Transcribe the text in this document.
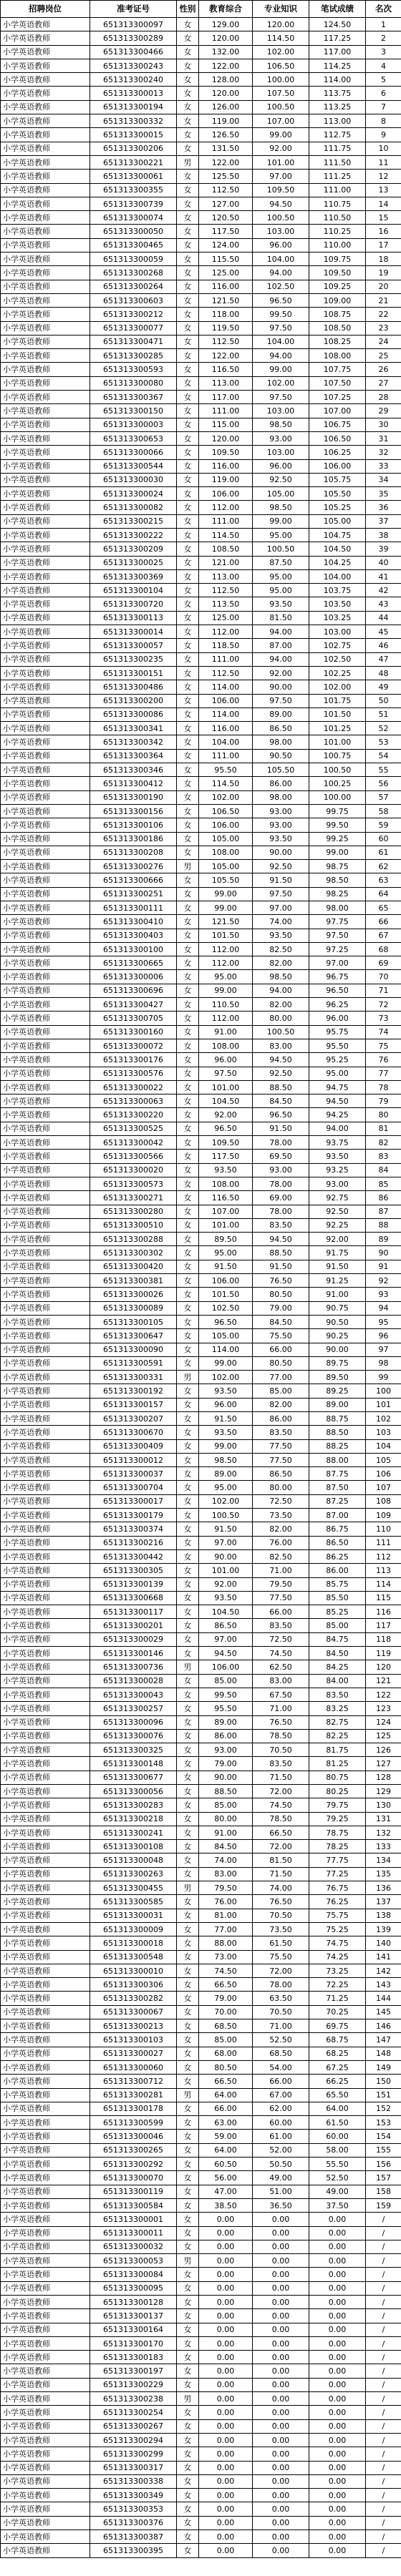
招聘岗位	准考证号	性别	教育综合	专业知识	笔试成绩	名次
小学英语教师	651313300097	女	129.00	120.00	124.50	1
小学英语教师	651313300289	女	120.00	114.50	117.25	2
小学英语教师	651313300466	女	132.00	102.00	117.00	3
小学英语教师	651313300243	女	122.00	106.50	114.25	4
小学英语教师	651313300240	女	128.00	100.00	114.00	5
小学英语教师	651313300013	女	120.00	107.50	113.75	6
小学英语教师	651313300194	女	126.00	100.50	113.25	7
小学英语教师	651313300332	女	119.00	107.00	113.00	8
小学英语教师	651313300015	女	126.50	99.00	112.75	9
小学英语教师	651313300206	女	131.50	92.00	111.75	10
小学英语教师	651313300221	男	122.00	101.00	111.50	11
小学英语教师	651313300061	女	125.50	97.00	111.25	12
小学英语教师	651313300355	女	112.50	109.50	111.00	13
小学英语教师	651313300739	女	127.00	94.50	110.75	14
小学英语教师	651313300074	女	120.50	100.50	110.50	15
小学英语教师	651313300050	女	117.50	103.00	110.25	16
小学英语教师	651313300465	女	124.00	96.00	110.00	17
小学英语教师	651313300059	女	115.50	104.00	109.75	18
小学英语教师	651313300268	女	125.00	94.00	109.50	19
小学英语教师	651313300264	女	116.00	102.50	109.25	20
小学英语教师	651313300603	女	121.50	96.50	109.00	21
小学英语教师	651313300212	女	118.00	99.50	108.75	22
小学英语教师	651313300077	女	119.50	97.50	108.50	23
小学英语教师	651313300471	女	112.50	104.00	108.25	24
小学英语教师	651313300285	女	122.00	94.00	108.00	25
小学英语教师	651313300593	女	116.50	99.00	107.75	26
小学英语教师	651313300080	女	113.00	102.00	107.50	27
小学英语教师	651313300367	女	117.00	97.50	107.25	28
小学英语教师	651313300150	女	111.00	103.00	107.00	29
小学英语教师	651313300003	女	115.00	98.50	106.75	30
小学英语教师	651313300653	女	120.00	93.00	106.50	31
小学英语教师	651313300066	女	109.50	103.00	106.25	32
小学英语教师	651313300544	女	116.00	96.00	106.00	33
小学英语教师	651313300030	女	119.00	92.50	105.75	34
小学英语教师	651313300024	女	106.00	105.00	105.50	35
小学英语教师	651313300082	女	112.00	98.50	105.25	36
小学英语教师	651313300215	女	111.00	99.00	105.00	37
小学英语教师	651313300222	女	114.50	95.00	104.75	38
小学英语教师	651313300209	女	108.50	100.50	104.50	39
小学英语教师	651313300025	女	121.00	87.50	104.25	40
小学英语教师	651313300369	女	113.00	95.00	104.00	41
小学英语教师	651313300104	女	112.50	95.00	103.75	42
小学英语教师	651313300720	女	113.50	93.50	103.50	43
小学英语教师	651313300113	女	125.00	81.50	103.25	44
小学英语教师	651313300014	女	112.00	94.00	103.00	45
小学英语教师	651313300057	女	118.50	87.00	102.75	46
小学英语教师	651313300235	女	111.00	94.00	102.50	47
小学英语教师	651313300151	女	112.50	92.00	102.25	48
小学英语教师	651313300486	女	114.00	90.00	102.00	49
小学英语教师	651313300200	女	106.00	97.50	101.75	50
小学英语教师	651313300086	女	114.00	89.00	101.50	51
小学英语教师	651313300341	女	116.00	86.50	101.25	52
小学英语教师	651313300342	女	104.00	98.00	101.00	53
小学英语教师	651313300364	女	111.00	90.50	100.75	54
小学英语教师	651313300346	女	95.50	105.50	100.50	55
小学英语教师	651313300412	女	114.50	86.00	100.25	56
小学英语教师	651313300190	女	102.00	98.00	100.00	57
小学英语教师	651313300156	女	106.50	93.00	99.75	58
小学英语教师	651313300106	女	106.00	93.00	99.50	59
小学英语教师	651313300186	女	105.00	93.50	99.25	60
小学英语教师	651313300208	女	108.00	90.00	99.00	61
小学英语教师	651313300276	男	105.00	92.50	98.75	62
小学英语教师	651313300666	女	105.50	91.50	98.50	63
小学英语教师	651313300251	女	99.00	97.50	98.25	64
小学英语教师	651313300111	女	99.00	97.00	98.00	65
小学英语教师	651313300410	女	121.50	74.00	97.75	66
小学英语教师	651313300403	女	101.50	93.50	97.50	67
小学英语教师	651313300100	女	112.00	82.50	97.25	68
小学英语教师	651313300665	女	112.00	82.00	97.00	69
小学英语教师	651313300006	女	95.00	98.50	96.75	70
小学英语教师	651313300696	女	99.00	94.00	96.50	71
小学英语教师	651313300427	女	110.50	82.00	96.25	72
小学英语教师	651313300705	女	112.00	80.00	96.00	73
小学英语教师	651313300160	女	91.00	100.50	95.75	74
小学英语教师	651313300072	女	108.00	83.00	95.50	75
小学英语教师	651313300176	女	96.00	94.50	95.25	76
小学英语教师	651313300576	女	97.50	92.50	95.00	77
小学英语教师	651313300022	女	101.00	88.50	94.75	78
小学英语教师	651313300063	女	104.50	84.50	94.50	79
小学英语教师	651313300220	女	92.00	96.50	94.25	80
小学英语教师	651313300525	女	96.50	91.50	94.00	81
小学英语教师	651313300042	女	109.50	78.00	93.75	82
小学英语教师	651313300566	女	117.50	69.50	93.50	83
小学英语教师	651313300020	女	93.50	93.00	93.25	84
小学英语教师	651313300573	女	108.00	78.00	93.00	85
小学英语教师	651313300271	女	116.50	69.00	92.75	86
小学英语教师	651313300280	女	107.00	78.00	92.50	87
小学英语教师	651313300510	女	101.00	83.50	92.25	88
小学英语教师	651313300288	女	89.50	94.50	92.00	89
小学英语教师	651313300302	女	95.00	88.50	91.75	90
小学英语教师	651313300420	女	91.50	91.50	91.50	91
小学英语教师	651313300381	女	106.00	76.50	91.25	92
小学英语教师	651313300026	女	101.50	80.50	91.00	93
小学英语教师	651313300089	女	102.50	79.00	90.75	94
小学英语教师	651313300105	女	96.50	84.50	90.50	95
小学英语教师	651313300647	女	105.00	75.50	90.25	96
小学英语教师	651313300090	女	114.00	66.00	90.00	97
小学英语教师	651313300591	女	99.00	80.50	89.75	98
小学英语教师	651313300331	男	102.00	77.00	89.50	99
小学英语教师	651313300192	女	93.50	85.00	89.25	100
小学英语教师	651313300157	女	96.00	82.00	89.00	101
小学英语教师	651313300207	女	91.50	86.00	88.75	102
小学英语教师	651313300670	女	93.50	83.50	88.50	103
小学英语教师	651313300409	女	99.00	77.50	88.25	104
小学英语教师	651313300012	女	98.50	77.50	88.00	105
小学英语教师	651313300037	女	89.00	86.50	87.75	106
小学英语教师	651313300704	女	95.00	80.00	87.50	107
小学英语教师	651313300017	女	102.00	72.50	87.25	108
小学英语教师	651313300179	女	100.50	73.50	87.00	109
小学英语教师	651313300374	女	91.50	82.00	86.75	110
小学英语教师	651313300216	女	97.00	76.00	86.50	111
小学英语教师	651313300442	女	90.00	82.50	86.25	112
小学英语教师	651313300305	女	101.00	71.00	86.00	113
小学英语教师	651313300139	女	92.00	79.50	85.75	114
小学英语教师	651313300668	女	93.50	77.50	85.50	115
小学英语教师	651313300117	女	104.50	66.00	85.25	116
小学英语教师	651313300201	女	86.50	83.50	85.00	117
小学英语教师	651313300029	女	97.00	72.50	84.75	118
小学英语教师	651313300146	女	94.50	74.50	84.50	119
小学英语教师	651313300736	男	106.00	62.50	84.25	120
小学英语教师	651313300028	女	85.00	83.00	84.00	121
小学英语教师	651313300043	女	99.50	67.50	83.50	122
小学英语教师	651313300257	女	95.50	71.00	83.25	123
小学英语教师	651313300096	女	89.00	76.50	82.75	124
小学英语教师	651313300076	女	86.00	78.50	82.25	125
小学英语教师	651313300325	女	93.00	70.50	81.75	126
小学英语教师	651313300148	女	79.00	83.50	81.25	127
小学英语教师	651313300677	女	90.00	71.50	80.75	128
小学英语教师	651313300056	女	88.50	72.00	80.25	129
小学英语教师	651313300283	女	85.00	74.50	79.75	130
小学英语教师	651313300218	女	80.00	78.50	79.25	131
小学英语教师	651313300241	女	91.00	66.50	78.75	132
小学英语教师	651313300108	女	84.50	72.00	78.25	133
小学英语教师	651313300048	女	74.00	81.50	77.75	134
小学英语教师	651313300263	女	83.00	71.50	77.25	135
小学英语教师	651313300455	男	79.50	74.00	76.75	136
小学英语教师	651313300585	女	76.00	76.50	76.25	137
小学英语教师	651313300031	女	81.00	70.50	75.75	138
小学英语教师	651313300009	女	77.00	73.50	75.25	139
小学英语教师	651313300018	女	88.00	61.50	74.75	140
小学英语教师	651313300548	女	73.00	75.50	74.25	141
小学英语教师	651313300010	女	74.50	72.00	73.25	142
小学英语教师	651313300306	女	66.50	78.00	72.25	143
小学英语教师	651313300282	女	79.00	63.50	71.25	144
小学英语教师	651313300067	女	70.00	70.50	70.25	145
小学英语教师	651313300213	女	68.50	71.00	69.75	146
小学英语教师	651313300103	女	85.00	52.50	68.75	147
小学英语教师	651313300027	女	68.00	68.50	68.25	148
小学英语教师	651313300060	女	80.50	54.00	67.25	149
小学英语教师	651313300712	女	66.50	66.00	66.25	150
小学英语教师	651313300281	男	64.00	67.00	65.50	151
小学英语教师	651313300178	女	66.00	62.00	64.00	152
小学英语教师	651313300599	女	63.00	60.00	61.50	153
小学英语教师	651313300046	女	59.00	61.00	60.00	154
小学英语教师	651313300265	女	64.00	52.00	58.00	155
小学英语教师	651313300292	女	60.50	50.50	55.50	156
小学英语教师	651313300070	女	56.00	49.00	52.50	157
小学英语教师	651313300119	女	47.00	51.00	49.00	158
小学英语教师	651313300584	女	38.50	36.50	37.50	159
小学英语教师	651313300001	女	0.00	0.00	0.00	/
小学英语教师	651313300011	女	0.00	0.00	0.00	/
小学英语教师	651313300032	女	0.00	0.00	0.00	/
小学英语教师	651313300053	男	0.00	0.00	0.00	/
小学英语教师	651313300084	女	0.00	0.00	0.00	/
小学英语教师	651313300095	女	0.00	0.00	0.00	/
小学英语教师	651313300128	女	0.00	0.00	0.00	/
小学英语教师	651313300137	女	0.00	0.00	0.00	/
小学英语教师	651313300164	女	0.00	0.00	0.00	/
小学英语教师	651313300170	女	0.00	0.00	0.00	/
小学英语教师	651313300183	女	0.00	0.00	0.00	/
小学英语教师	651313300197	女	0.00	0.00	0.00	/
小学英语教师	651313300229	女	0.00	0.00	0.00	/
小学英语教师	651313300238	男	0.00	0.00	0.00	/
小学英语教师	651313300254	女	0.00	0.00	0.00	/
小学英语教师	651313300267	女	0.00	0.00	0.00	/
小学英语教师	651313300294	女	0.00	0.00	0.00	/
小学英语教师	651313300299	女	0.00	0.00	0.00	/
小学英语教师	651313300317	女	0.00	0.00	0.00	/
小学英语教师	651313300338	女	0.00	0.00	0.00	/
小学英语教师	651313300349	女	0.00	0.00	0.00	/
小学英语教师	651313300353	女	0.00	0.00	0.00	/
小学英语教师	651313300376	女	0.00	0.00	0.00	/
小学英语教师	651313300387	女	0.00	0.00	0.00	/
小学英语教师	651313300395	女	0.00	0.00	0.00	/
